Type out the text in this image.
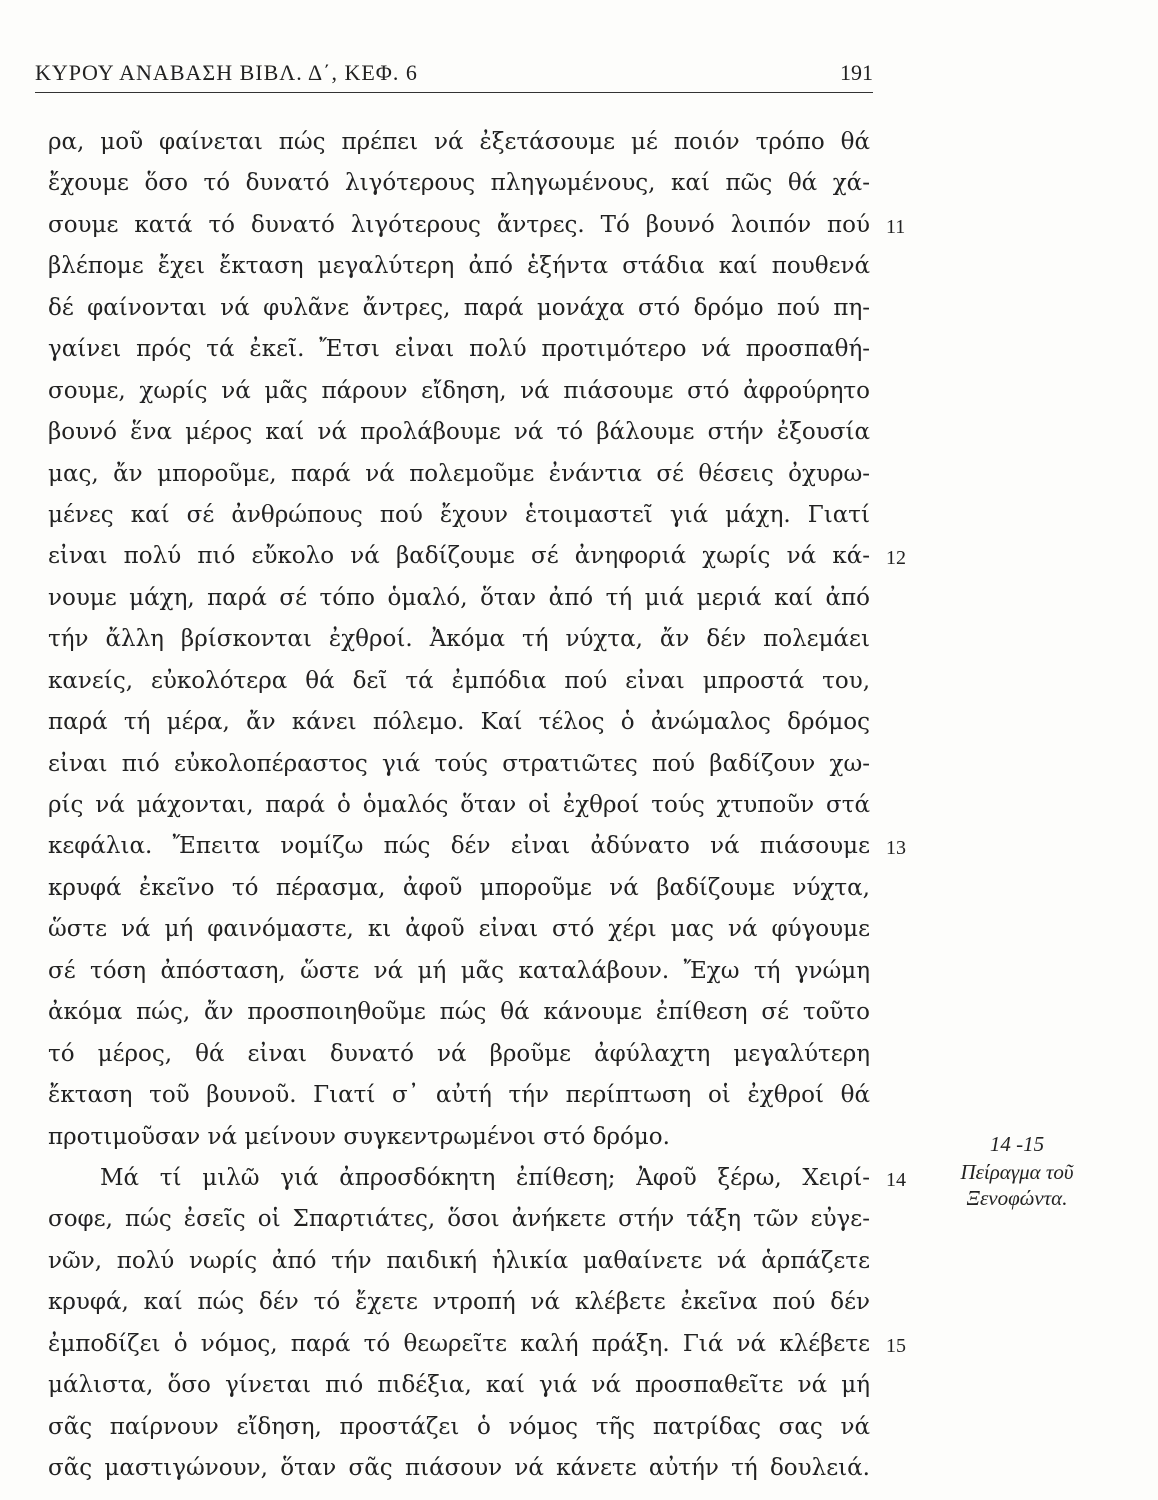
ΚΥΡΟΥ ΑΝΑΒΑΣΗ ΒΙΒΛ. Δ΄, ΚΕΦ. 6	191
ρα, μοῦ φαίνεται πώς πρέπει νά ἐξετάσουμε μέ ποιόν τρόπο θά
ἔχουμε ὅσο τό δυνατό λιγότερους πληγωμένους, καί πῶς θά χά-
σουμε κατά τό δυνατό λιγότερους ἄντρες. Τό βουνό λοιπόν πού
βλέπομε ἔχει ἔκταση μεγαλύτερη ἀπό ἑξήντα στάδια καί πουθενά
δέ φαίνονται νά φυλᾶνε ἄντρες, παρά μονάχα στό δρόμο πού πη-
γαίνει πρός τά ἐκεῖ. Ἔτσι εἶναι πολύ προτιμότερο νά προσπαθή-
σουμε, χωρίς νά μᾶς πάρουν εἴδηση, νά πιάσουμε στό ἀφρούρητο
βουνό ἕνα μέρος καί νά προλάβουμε νά τό βάλουμε στήν ἐξουσία
μας, ἄν μποροῦμε, παρά νά πολεμοῦμε ἐνάντια σέ θέσεις ὀχυρω-
μένες καί σέ ἀνθρώπους πού ἔχουν ἑτοιμαστεῖ γιά μάχη. Γιατί
εἶναι πολύ πιό εὔκολο νά βαδίζουμε σέ ἀνηφοριά χωρίς νά κά-
νουμε μάχη, παρά σέ τόπο ὁμαλό, ὅταν ἀπό τή μιά μεριά καί ἀπό
τήν ἄλλη βρίσκονται ἐχθροί. Ἀκόμα τή νύχτα, ἄν δέν πολεμάει
κανείς, εὐκολότερα θά δεῖ τά ἐμπόδια πού εἶναι μπροστά του,
παρά τή μέρα, ἄν κάνει πόλεμο. Καί τέλος ὁ ἀνώμαλος δρόμος
εἶναι πιό εὐκολοπέραστος γιά τούς στρατιῶτες πού βαδίζουν χω-
ρίς νά μάχονται, παρά ὁ ὁμαλός ὅταν οἱ ἐχθροί τούς χτυποῦν στά
κεφάλια. Ἔπειτα νομίζω πώς δέν εἶναι ἀδύνατο νά πιάσουμε
κρυφά ἐκεῖνο τό πέρασμα, ἀφοῦ μποροῦμε νά βαδίζουμε νύχτα,
ὥστε νά μή φαινόμαστε, κι ἀφοῦ εἶναι στό χέρι μας νά φύγουμε
σέ τόση ἀπόσταση, ὥστε νά μή μᾶς καταλάβουν. Ἔχω τή γνώμη
ἀκόμα πώς, ἄν προσποιηθοῦμε πώς θά κάνουμε ἐπίθεση σέ τοῦτο
τό μέρος, θά εἶναι δυνατό νά βροῦμε ἀφύλαχτη μεγαλύτερη
ἔκταση τοῦ βουνοῦ. Γιατί σ᾿ αὐτή τήν περίπτωση οἱ ἐχθροί θά
προτιμοῦσαν νά μείνουν συγκεντρωμένοι στό δρόμο.
11
12
13
14
15
14 -15
Πείραγμα τοῦ
Ξενοφώντα.
Μά τί μιλῶ γιά ἀπροσδόκητη ἐπίθεση; Ἀφοῦ ξέρω, Χειρί-
σοφε, πώς ἐσεῖς οἱ Σπαρτιάτες, ὅσοι ἀνήκετε στήν τάξη τῶν εὐγε-
νῶν, πολύ νωρίς ἀπό τήν παιδική ἡλικία μαθαίνετε νά ἁρπάζετε
κρυφά, καί πώς δέν τό ἔχετε ντροπή νά κλέβετε ἐκεῖνα πού δέν
ἐμποδίζει ὁ νόμος, παρά τό θεωρεῖτε καλή πράξη. Γιά νά κλέβετε
μάλιστα, ὅσο γίνεται πιό πιδέξια, καί γιά νά προσπαθεῖτε νά μή
σᾶς παίρνουν εἴδηση, προστάζει ὁ νόμος τῆς πατρίδας σας νά
σᾶς μαστιγώνουν, ὅταν σᾶς πιάσουν νά κάνετε αὐτήν τή δουλειά.
